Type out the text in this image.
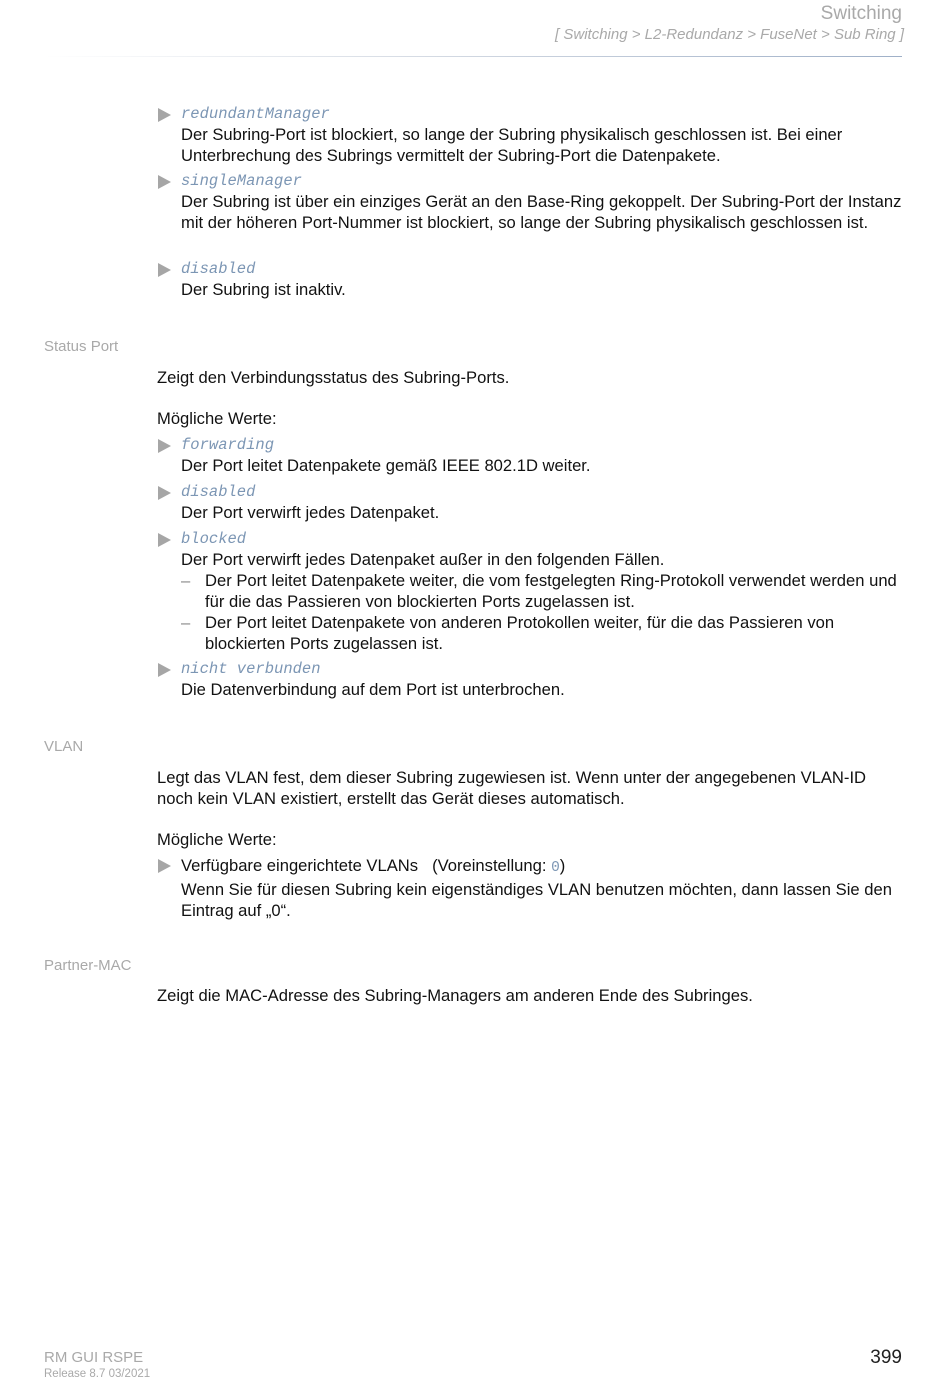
Switching
[ Switching > L2-Redundanz > FuseNet > Sub Ring ]
redundantManager
Der Subring-Port ist blockiert, so lange der Subring physikalisch geschlossen ist. Bei einer Unterbrechung des Subrings vermittelt der Subring-Port die Datenpakete.
singleManager
Der Subring ist über ein einziges Gerät an den Base-Ring gekoppelt. Der Subring-Port der Instanz mit der höheren Port-Nummer ist blockiert, so lange der Subring physikalisch geschlossen ist.
disabled
Der Subring ist inaktiv.
Status Port
Zeigt den Verbindungsstatus des Subring-Ports.
Mögliche Werte:
forwarding
Der Port leitet Datenpakete gemäß IEEE 802.1D weiter.
disabled
Der Port verwirft jedes Datenpaket.
blocked
Der Port verwirft jedes Datenpaket außer in den folgenden Fällen.
– Der Port leitet Datenpakete weiter, die vom festgelegten Ring-Protokoll verwendet werden und für die das Passieren von blockierten Ports zugelassen ist.
– Der Port leitet Datenpakete von anderen Protokollen weiter, für die das Passieren von blockierten Ports zugelassen ist.
nicht verbunden
Die Datenverbindung auf dem Port ist unterbrochen.
VLAN
Legt das VLAN fest, dem dieser Subring zugewiesen ist. Wenn unter der angegebenen VLAN-ID noch kein VLAN existiert, erstellt das Gerät dieses automatisch.
Mögliche Werte:
Verfügbare eingerichtete VLANs (Voreinstellung: 0)
Wenn Sie für diesen Subring kein eigenständiges VLAN benutzen möchten, dann lassen Sie den Eintrag auf „0“.
Partner-MAC
Zeigt die MAC-Adresse des Subring-Managers am anderen Ende des Subringes.
RM GUI RSPE
Release 8.7 03/2021
399
